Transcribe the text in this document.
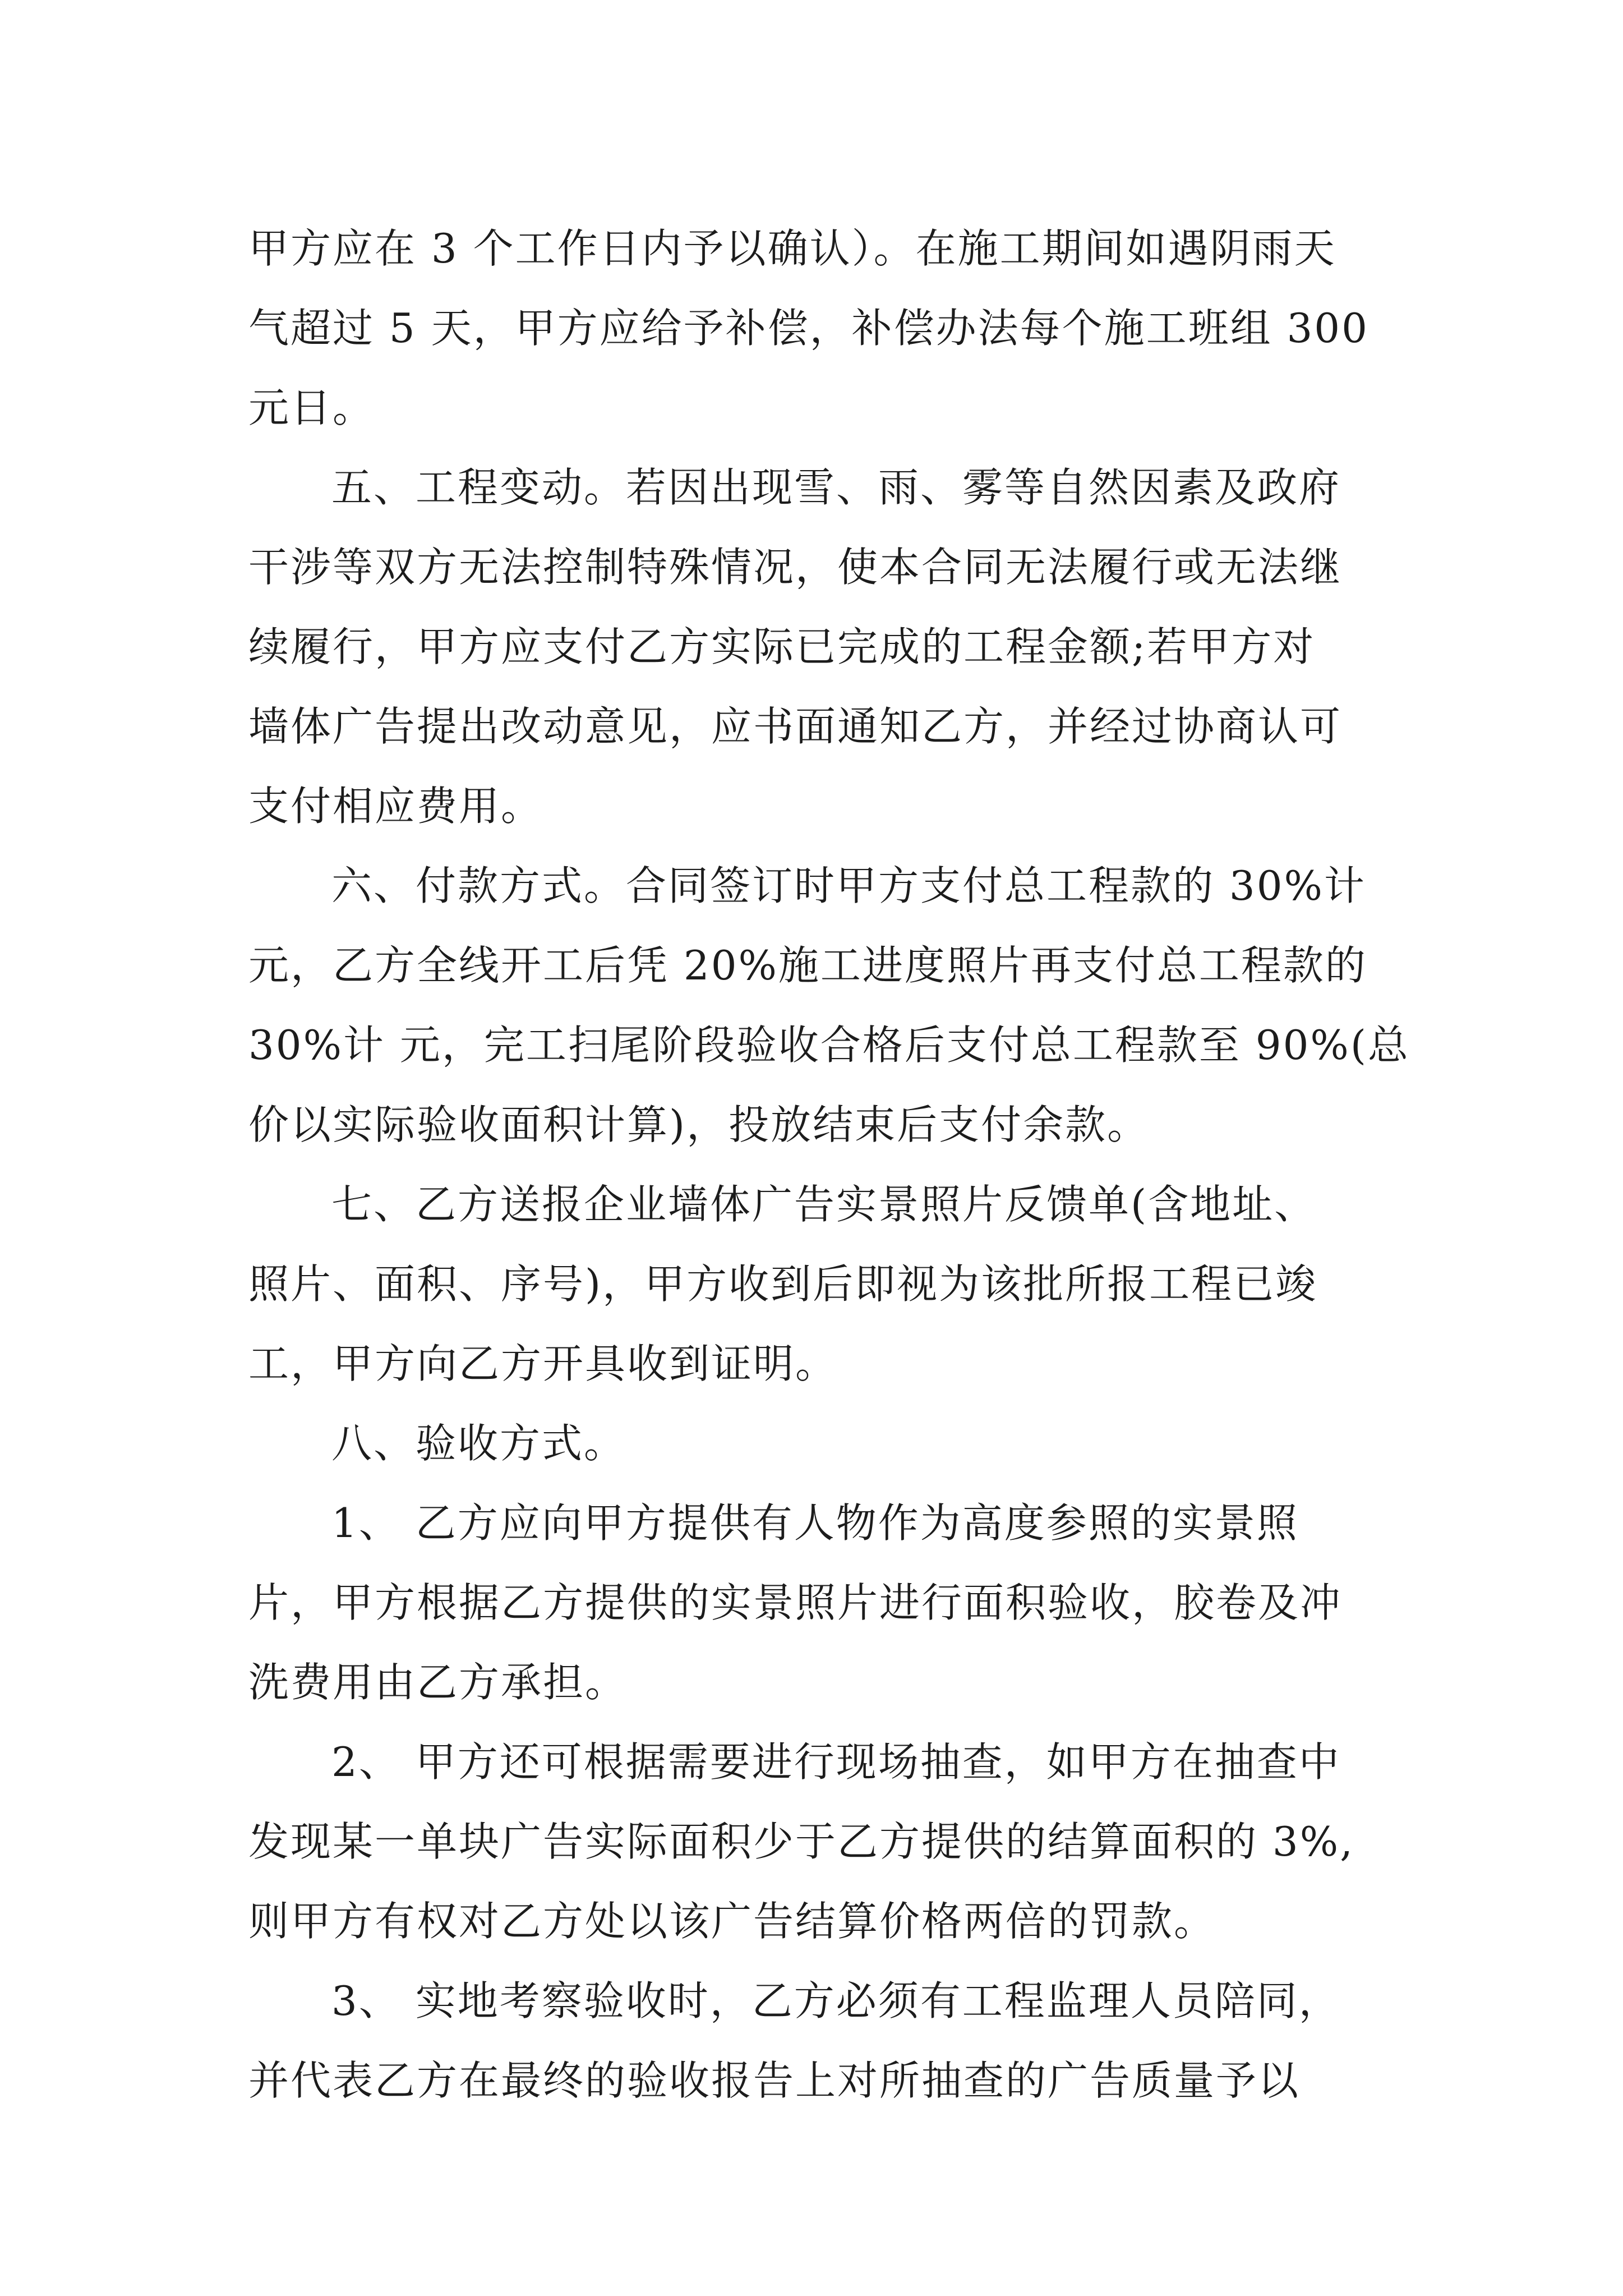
甲方应在 3 个工作日内予以确认）。在施工期间如遇阴雨天
气超过 5 天，甲方应给予补偿，补偿办法每个施工班组 300
元日。

五、工程变动。若因出现雪、雨、雾等自然因素及政府
干涉等双方无法控制特殊情况，使本合同无法履行或无法继
续履行，甲方应支付乙方实际已完成的工程金额;若甲方对
墙体广告提出改动意见，应书面通知乙方，并经过协商认可
支付相应费用。

六、付款方式。合同签订时甲方支付总工程款的 30%计
元，乙方全线开工后凭 20%施工进度照片再支付总工程款的
30%计 元，完工扫尾阶段验收合格后支付总工程款至 90%(总
价以实际验收面积计算)，投放结束后支付余款。

七、乙方送报企业墙体广告实景照片反馈单(含地址、
照片、面积、序号)，甲方收到后即视为该批所报工程已竣
工，甲方向乙方开具收到证明。

八、验收方式。

1、 乙方应向甲方提供有人物作为高度参照的实景照
片，甲方根据乙方提供的实景照片进行面积验收，胶卷及冲
洗费用由乙方承担。

2、 甲方还可根据需要进行现场抽查，如甲方在抽查中
发现某一单块广告实际面积少于乙方提供的结算面积的 3%,
则甲方有权对乙方处以该广告结算价格两倍的罚款。

3、 实地考察验收时，乙方必须有工程监理人员陪同，
并代表乙方在最终的验收报告上对所抽查的广告质量予以
